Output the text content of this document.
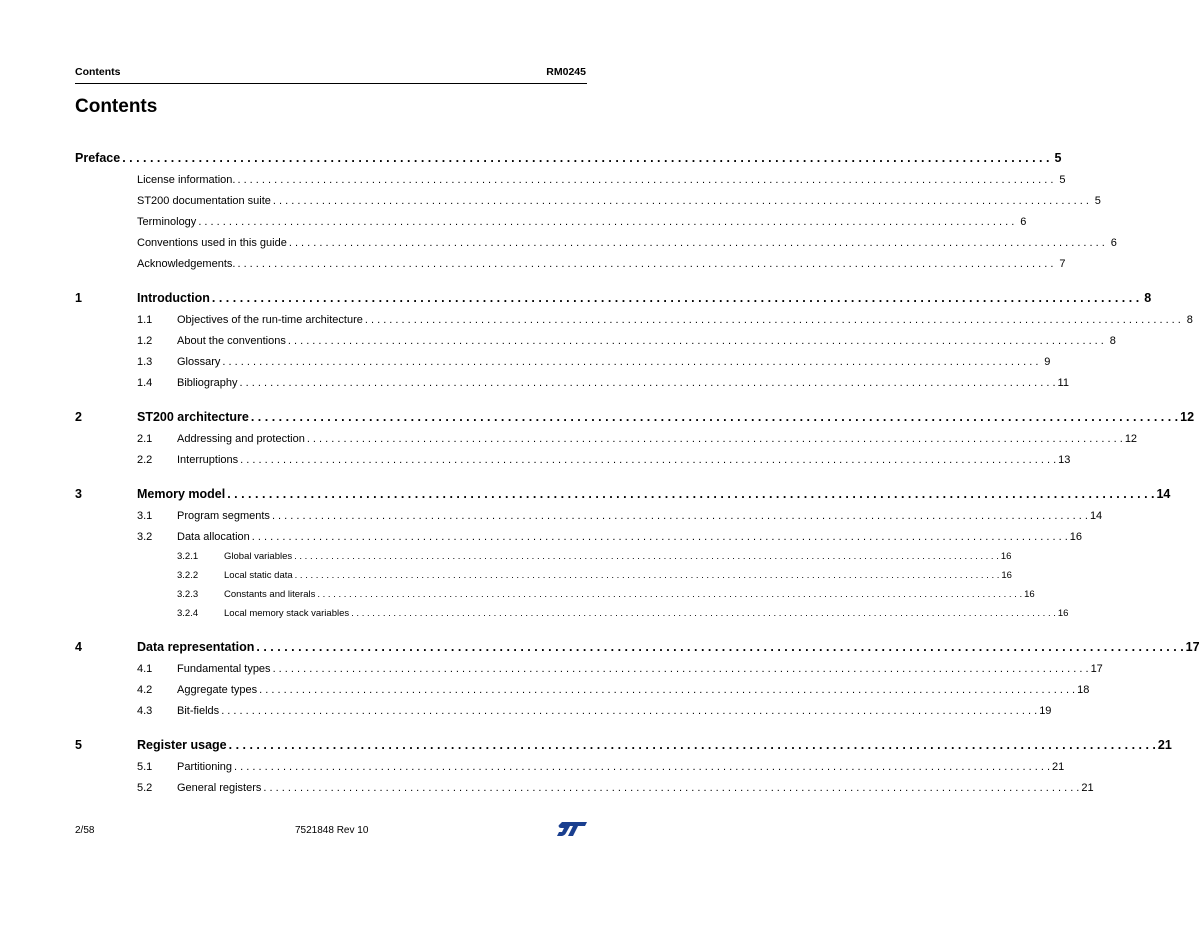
Contents	RM0245
Contents
Preface . . .	5
License information. . . .	5
ST200 documentation suite . . .	5
Terminology . . .	6
Conventions used in this guide . . .	6
Acknowledgements. . . .	7
1	Introduction . . .	8
1.1 Objectives of the run-time architecture . . .	8
1.2 About the conventions . . .	8
1.3 Glossary . . .	9
1.4 Bibliography . . .	11
2	ST200 architecture . . .	12
2.1 Addressing and protection . . .	12
2.2 Interruptions . . .	13
3	Memory model . . .	14
3.1 Program segments . . .	14
3.2 Data allocation . . .	16
3.2.1	Global variables . . .	16
3.2.2	Local static data . . .	16
3.2.3	Constants and literals . . .	16
3.2.4	Local memory stack variables . . .	16
4	Data representation . . .	17
4.1 Fundamental types . . .	17
4.2 Aggregate types . . .	18
4.3 Bit-fields . . .	19
5	Register usage . . .	21
5.1 Partitioning . . .	21
5.2 General registers . . .	21
2/58	7521848 Rev 10
